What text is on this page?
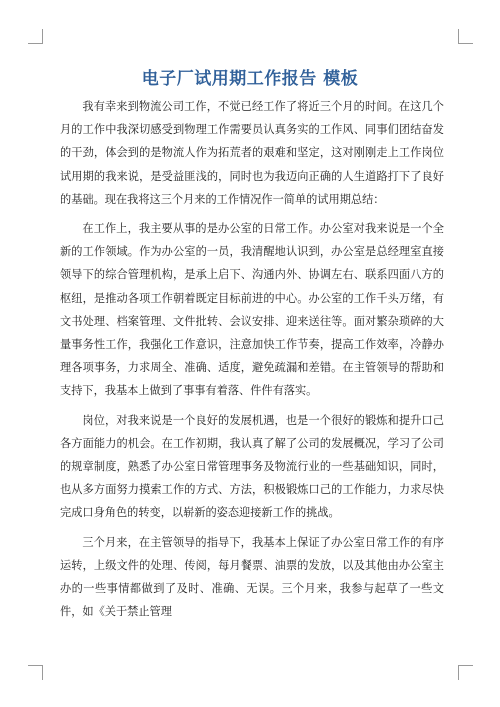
电子厂试用期工作报告 模板

我有幸来到物流公司工作，不觉已经工作了将近三个月的时间。在这几个月的工作中我深切感受到物理工作需要员认真务实的工作风、同事们团结奋发的干劲，体会到的是物流人作为拓荒者的艰难和坚定，这对刚刚走上工作岗位试用期的我来说，是受益匪浅的，同时也为我迈向正确的人生道路打下了良好的基础。现在我将这三个月来的工作情况作一简单的试用期总结：

在工作上，我主要从事的是办公室的日常工作。办公室对我来说是一个全新的工作领域。作为办公室的一员，我清醒地认识到，办公室是总经理室直接领导下的综合管理机构，是承上启下、沟通内外、协调左右、联系四面八方的枢纽，是推动各项工作朝着既定目标前进的中心。办公室的工作千头万绪，有文书处理、档案管理、文件批转、会议安排、迎来送往等。面对繁杂琐碎的大量事务性工作，我强化工作意识，注意加快工作节奏，提高工作效率，冷静办理各项事务，力求周全、准确、适度，避免疏漏和差错。在主管领导的帮助和支持下，我基本上做到了事事有着落、件件有落实。

岗位，对我来说是一个良好的发展机遇，也是一个很好的锻炼和提升口己各方面能力的机会。在工作初期，我认真了解了公司的发展概况，学习了公司的规章制度，熟悉了办公室日常管理事务及物流行业的一些基础知识，同时，也从多方面努力摸索工作的方式、方法，积极锻炼口己的工作能力，力求尽快完成口身角色的转变，以崭新的姿态迎接新工作的挑战。

三个月来，在主管领导的指导下，我基本上保证了办公室日常工作的有序运转，上级文件的处理、传阅，每月餐票、油票的发放，以及其他由办公室主办的一些事情都做到了及时、准确、无误。三个月来，我参与起草了一些文件，如《关于禁止管理
